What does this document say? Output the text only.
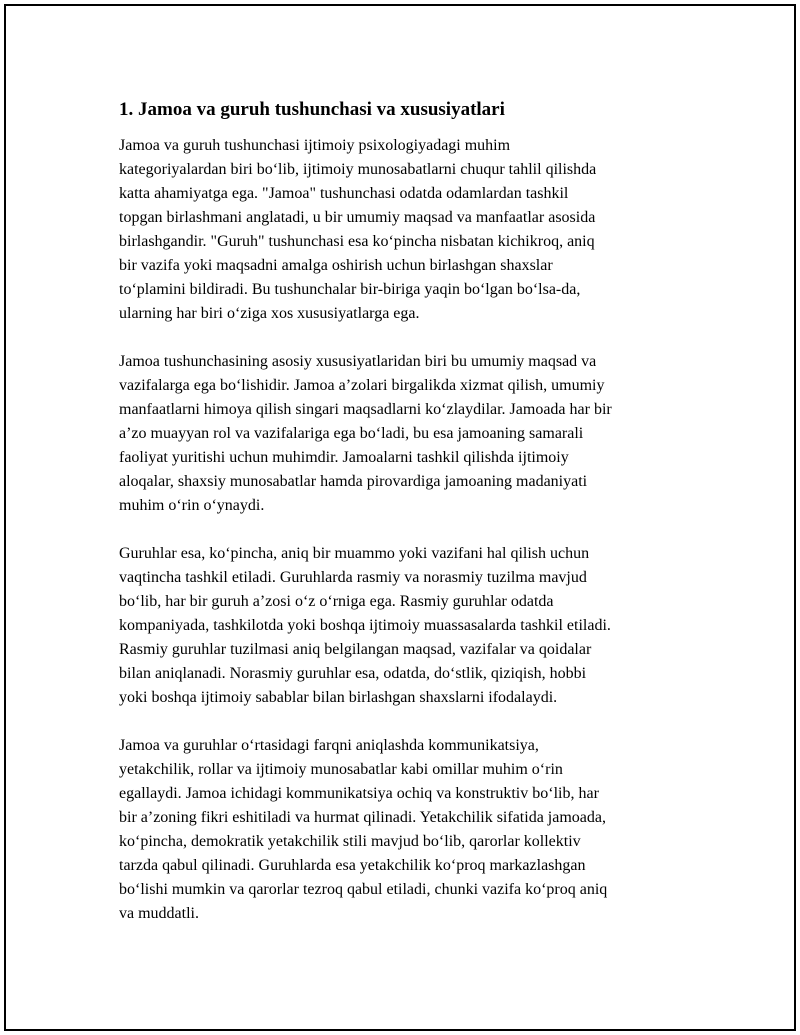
1. Jamoa va guruh tushunchasi va xususiyatlari
Jamoa va guruh tushunchasi ijtimoiy psixologiyadagi muhim
kategoriyalardan biri bo‘lib, ijtimoiy munosabatlarni chuqur tahlil qilishda
katta ahamiyatga ega. "Jamoa" tushunchasi odatda odamlardan tashkil
topgan birlashmani anglatadi, u bir umumiy maqsad va manfaatlar asosida
birlashgandir. "Guruh" tushunchasi esa ko‘pincha nisbatan kichikroq, aniq
bir vazifa yoki maqsadni amalga oshirish uchun birlashgan shaxslar
to‘plamini bildiradi. Bu tushunchalar bir-biriga yaqin bo‘lgan bo‘lsa-da,
ularning har biri o‘ziga xos xususiyatlarga ega.
Jamoa tushunchasining asosiy xususiyatlaridan biri bu umumiy maqsad va
vazifalarga ega bo‘lishidir. Jamoa a’zolari birgalikda xizmat qilish, umumiy
manfaatlarni himoya qilish singari maqsadlarni ko‘zlaydilar. Jamoada har bir
a’zo muayyan rol va vazifalariga ega bo‘ladi, bu esa jamoaning samarali
faoliyat yuritishi uchun muhimdir. Jamoalarni tashkil qilishda ijtimoiy
aloqalar, shaxsiy munosabatlar hamda pirovardiga jamoaning madaniyati
muhim o‘rin o‘ynaydi.
Guruhlar esa, ko‘pincha, aniq bir muammo yoki vazifani hal qilish uchun
vaqtincha tashkil etiladi. Guruhlarda rasmiy va norasmiy tuzilma mavjud
bo‘lib, har bir guruh a’zosi o‘z o‘rniga ega. Rasmiy guruhlar odatda
kompaniyada, tashkilotda yoki boshqa ijtimoiy muassasalarda tashkil etiladi.
Rasmiy guruhlar tuzilmasi aniq belgilangan maqsad, vazifalar va qoidalar
bilan aniqlanadi. Norasmiy guruhlar esa, odatda, do‘stlik, qiziqish, hobbi
yoki boshqa ijtimoiy sabablar bilan birlashgan shaxslarni ifodalaydi.
Jamoa va guruhlar o‘rtasidagi farqni aniqlashda kommunikatsiya,
yetakchilik, rollar va ijtimoiy munosabatlar kabi omillar muhim o‘rin
egallaydi. Jamoa ichidagi kommunikatsiya ochiq va konstruktiv bo‘lib, har
bir a’zoning fikri eshitiladi va hurmat qilinadi. Yetakchilik sifatida jamoada,
ko‘pincha, demokratik yetakchilik stili mavjud bo‘lib, qarorlar kollektiv
tarzda qabul qilinadi. Guruhlarda esa yetakchilik ko‘proq markazlashgan
bo‘lishi mumkin va qarorlar tezroq qabul etiladi, chunki vazifa ko‘proq aniq
va muddatli.
